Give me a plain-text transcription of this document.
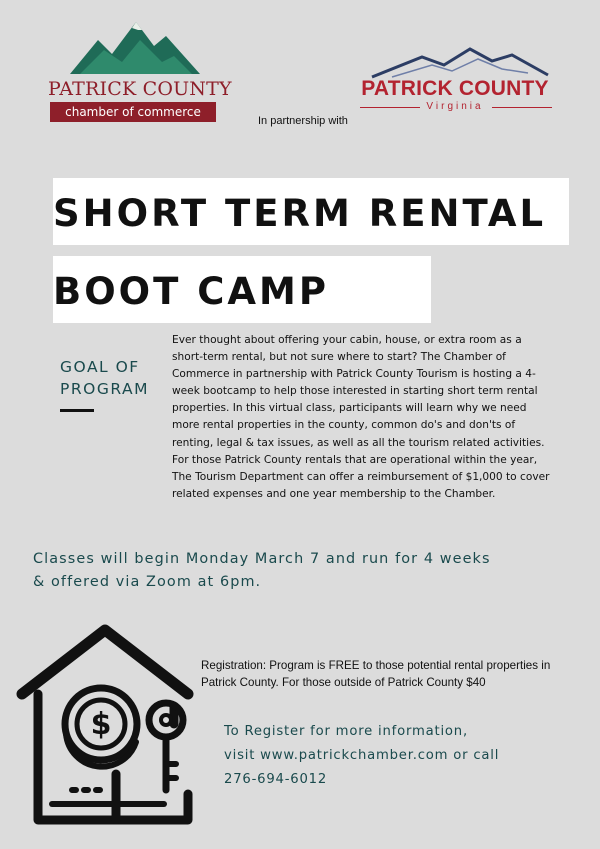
PATRICK COUNTY
chamber of commerce
In partnership with
PATRICK COUNTY
Virginia
SHORT TERM RENTAL
BOOT CAMP
GOAL OF
PROGRAM

Ever thought about offering your cabin, house, or extra room as a short-term rental, but not sure where to start? The Chamber of Commerce in partnership with Patrick County Tourism is hosting a 4-week bootcamp to help those interested in starting short term rental properties. In this virtual class, participants will learn why we need more rental properties in the county, common do's and don'ts of renting, legal & tax issues, as well as all the tourism related activities.

For those Patrick County rentals that are operational within the year, The Tourism Department can offer a reimbursement of $1,000 to cover related expenses and one year membership to the Chamber.

Classes will begin Monday March 7 and run for 4 weeks
& offered via Zoom at 6pm.
$
Registration: Program is FREE to those potential rental properties in Patrick County. For those outside of Patrick County $40
To Register for more information,
visit www.patrickchamber.com or call
276-694-6012
